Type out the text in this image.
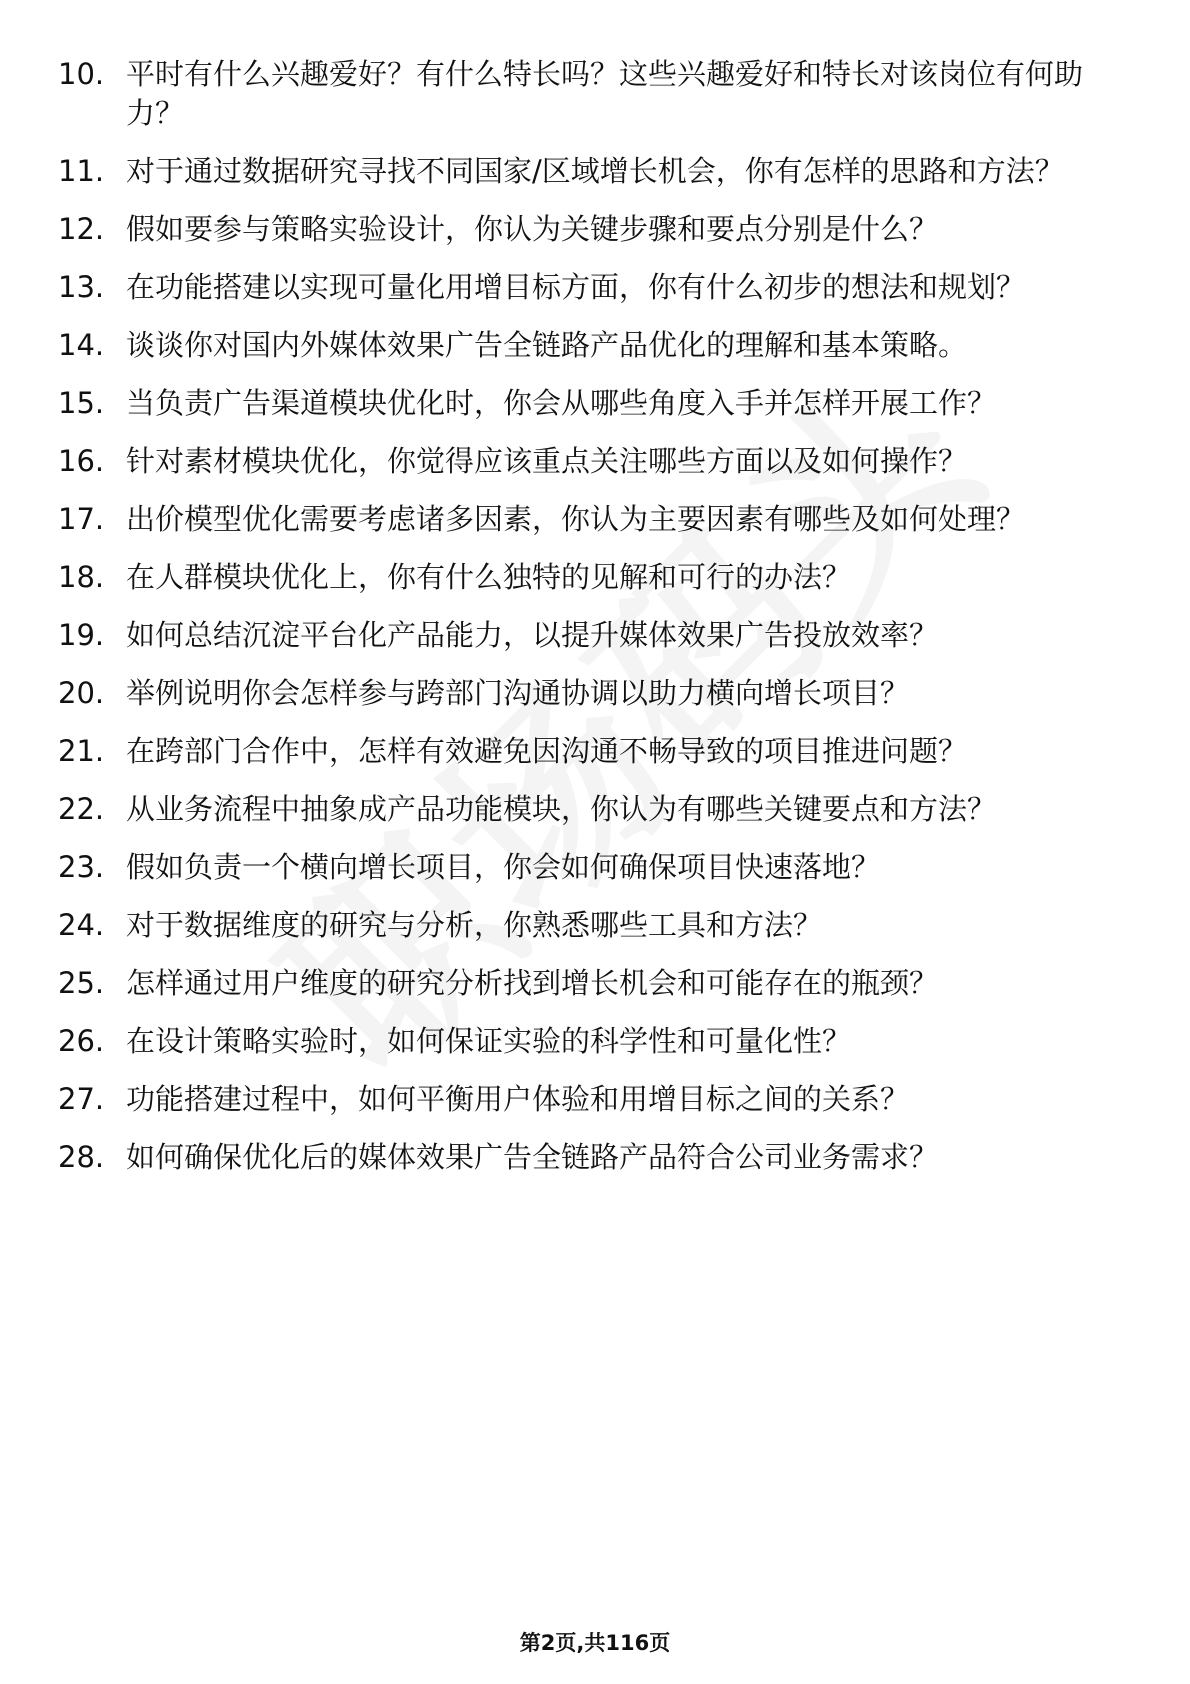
10. 平时有什么兴趣爱好？有什么特长吗？这些兴趣爱好和特长对该岗位有何助力？
11. 对于通过数据研究寻找不同国家/区域增长机会，你有怎样的思路和方法？
12. 假如要参与策略实验设计，你认为关键步骤和要点分别是什么？
13. 在功能搭建以实现可量化用增目标方面，你有什么初步的想法和规划？
14. 谈谈你对国内外媒体效果广告全链路产品优化的理解和基本策略。
15. 当负责广告渠道模块优化时，你会从哪些角度入手并怎样开展工作？
16. 针对素材模块优化，你觉得应该重点关注哪些方面以及如何操作？
17. 出价模型优化需要考虑诸多因素，你认为主要因素有哪些及如何处理？
18. 在人群模块优化上，你有什么独特的见解和可行的办法？
19. 如何总结沉淀平台化产品能力，以提升媒体效果广告投放效率？
20. 举例说明你会怎样参与跨部门沟通协调以助力横向增长项目？
21. 在跨部门合作中，怎样有效避免因沟通不畅导致的项目推进问题？
22. 从业务流程中抽象成产品功能模块，你认为有哪些关键要点和方法？
23. 假如负责一个横向增长项目，你会如何确保项目快速落地？
24. 对于数据维度的研究与分析，你熟悉哪些工具和方法？
25. 怎样通过用户维度的研究分析找到增长机会和可能存在的瓶颈？
26. 在设计策略实验时，如何保证实验的科学性和可量化性？
27. 功能搭建过程中，如何平衡用户体验和用增目标之间的关系？
28. 如何确保优化后的媒体效果广告全链路产品符合公司业务需求？
第2页,共116页
